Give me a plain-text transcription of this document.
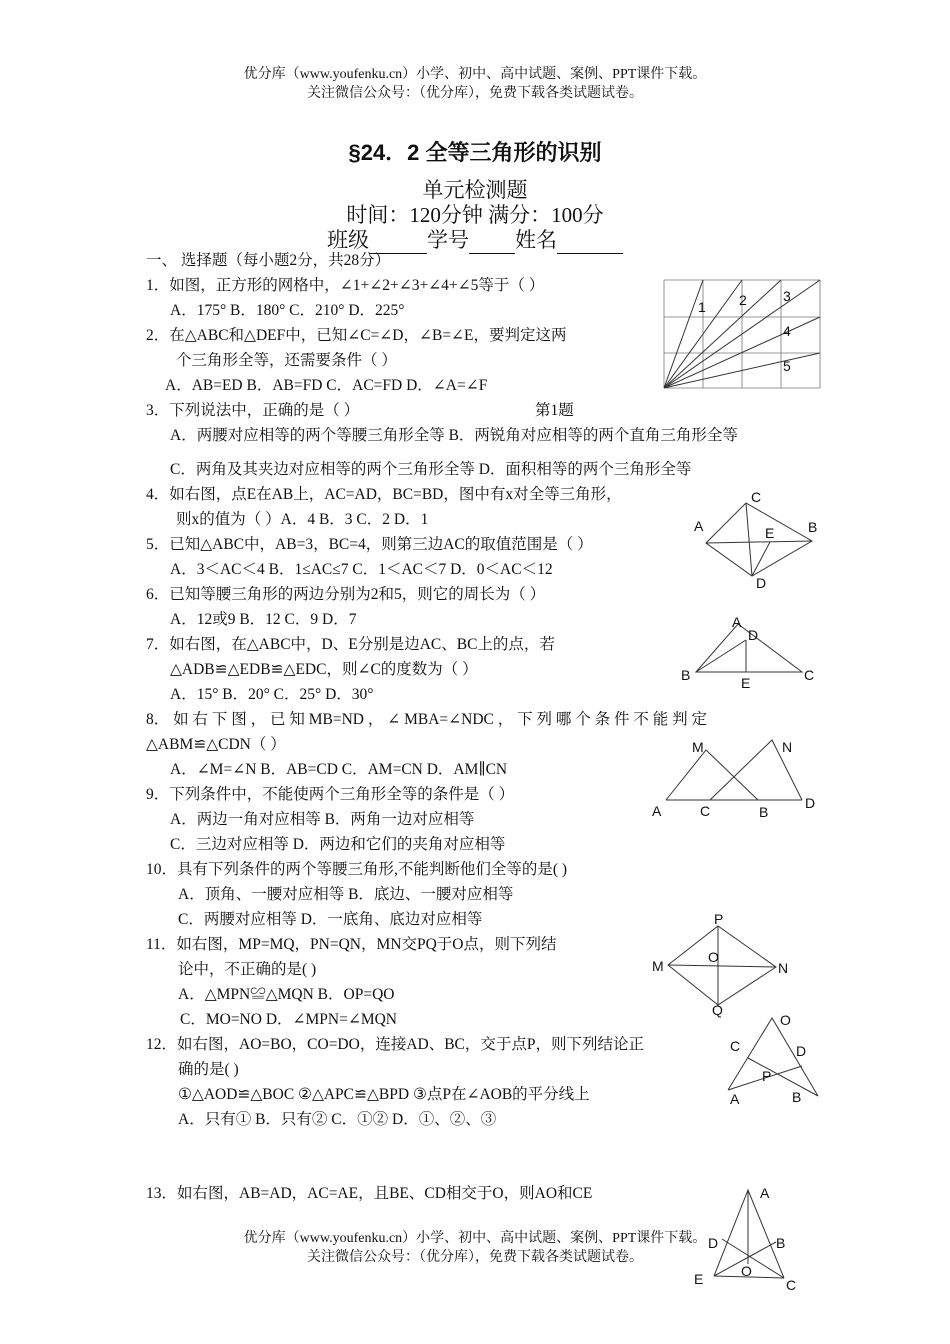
优分库（www.youfenku.cn）小学、初中、高中试题、案例、PPT课件下载。
关注微信公众号：（优分库），免费下载各类试题试卷。
§24．2 全等三角形的识别
单元检测题
时间：120分钟 满分：100分
班级	学号 姓名
一、 选择题（每小题2分，共28分）
1．如图，正方形的网格中，∠1+∠2+∠3+∠4+∠5等于（ ）
A．175° B．180° C．210° D．225°
2．在△ABC和△DEF中，已知∠C=∠D，∠B=∠E，要判定这两
个三角形全等，还需要条件（ ）
A．AB=ED B．AB=FD C．AC=FD D．∠A=∠F
3．下列说法中，正确的是（ ）	第1题
A．两腰对应相等的两个等腰三角形全等 B．两锐角对应相等的两个直角三角形全等
C．两角及其夹边对应相等的两个三角形全等 D．面积相等的两个三角形全等
4．如右图，点E在AB上，AC=AD，BC=BD，图中有x对全等三角形，
则x的值为（ ）A．4 B．3 C．2 D．1
5．已知△ABC中，AB=3，BC=4，则第三边AC的取值范围是（ ）
A．3＜AC＜4 B．1≤AC≤7 C．1＜AC＜7 D．0＜AC＜12
6．已知等腰三角形的两边分别为2和5，则它的周长为（ ）
A．12或9 B．12 C．9 D．7
7．如右图，在△ABC中，D、E分别是边AC、BC上的点，若
△ADB≌△EDB≌△EDC，则∠C的度数为（ ）
A．15° B．20° C．25° D．30°
8． 如 右 下 图 ， 已 知 MB=ND ， ∠ MBA=∠NDC ， 下 列 哪 个 条 件 不 能 判 定
△ABM≌△CDN（ ）
A．∠M=∠N B．AB=CD C．AM=CN D．AM∥CN
9．下列条件中，不能使两个三角形全等的条件是（ ）
A．两边一角对应相等 B．两角一边对应相等
C．三边对应相等 D．两边和它们的夹角对应相等
10．具有下列条件的两个等腰三角形,不能判断他们全等的是( )
A．顶角、一腰对应相等 B．底边、一腰对应相等
C．两腰对应相等 D．一底角、底边对应相等
11．如右图，MP=MQ，PN=QN，MN交PQ于O点，则下列结
论中，不正确的是( )
A．△MPN≌△MQN B．OP=QO
C．MO=NO D．∠MPN=∠MQN
12．如右图，AO=BO，CO=DO，连接AD、BC，交于点P，则下列结论正
确的是( )
①△AOD≌△BOC ②△APC≌△BPD ③点P在∠AOB的平分线上
A．只有① B．只有② C．①② D．①、②、③
13．如右图，AB=AD，AC=AE，且BE、CD相交于O，则AO和CE
1 2	3
4
5
C
A	E B
D
A
D
B	E	C
M	N
A	C	B
D
P
M
O
N
Q
O
C	D
P
A	B
A
D	B
O
E	C
优分库（www.youfenku.cn）小学、初中、高中试题、案例、PPT课件下载。
关注微信公众号：（优分库），免费下载各类试题试卷。
